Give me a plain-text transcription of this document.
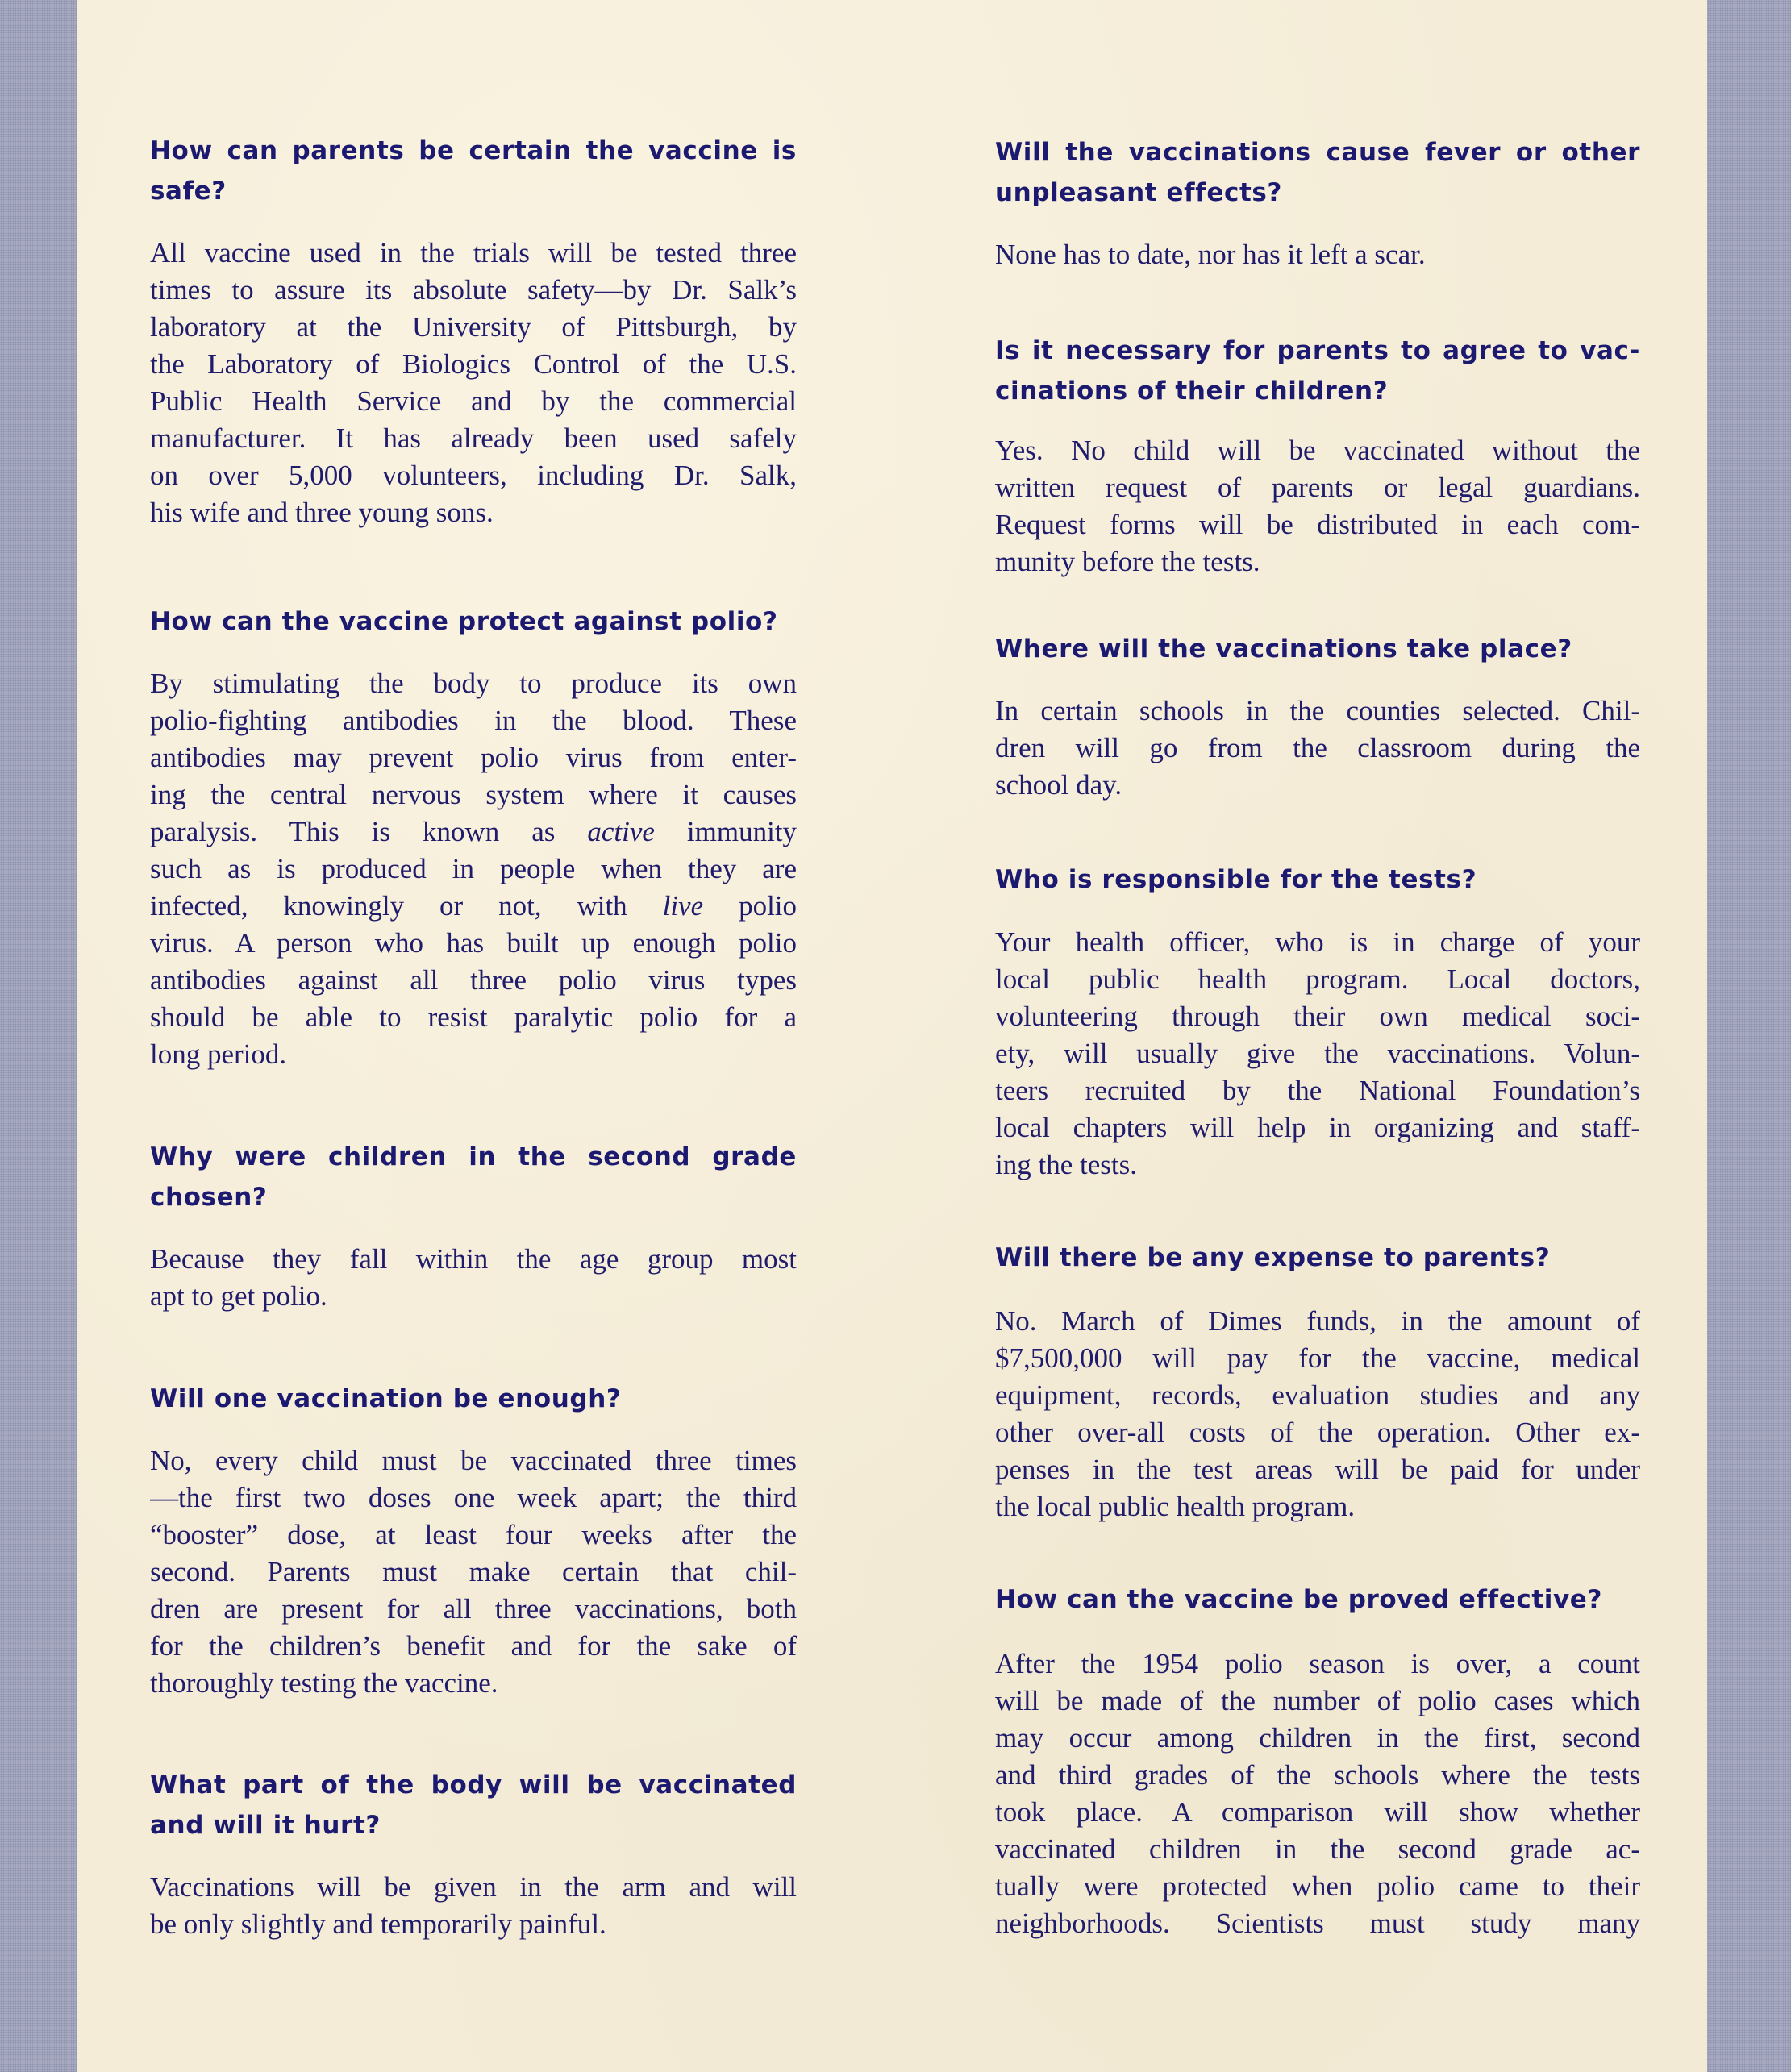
How can parents be certain the vaccine is
safe?
All vaccine used in the trials will be tested three
times to assure its absolute safety—by Dr. Salk’s
laboratory at the University of Pittsburgh, by
the Laboratory of Biologics Control of the U.S.
Public Health Service and by the commercial
manufacturer. It has already been used safely
on over 5,000 volunteers, including Dr. Salk,
his wife and three young sons.
How can the vaccine protect against polio?
By stimulating the body to produce its own
polio-fighting antibodies in the blood. These
antibodies may prevent polio virus from enter-
ing the central nervous system where it causes
paralysis. This is known as active immunity
such as is produced in people when they are
infected, knowingly or not, with live polio
virus. A person who has built up enough polio
antibodies against all three polio virus types
should be able to resist paralytic polio for a
long period.
Why were children in the second grade
chosen?
Because they fall within the age group most
apt to get polio.
Will one vaccination be enough?
No, every child must be vaccinated three times
—the first two doses one week apart; the third
“booster” dose, at least four weeks after the
second. Parents must make certain that chil-
dren are present for all three vaccinations, both
for the children’s benefit and for the sake of
thoroughly testing the vaccine.
What part of the body will be vaccinated
and will it hurt?
Vaccinations will be given in the arm and will
be only slightly and temporarily painful.
Will the vaccinations cause fever or other
unpleasant effects?
None has to date, nor has it left a scar.
Is it necessary for parents to agree to vac-
cinations of their children?
Yes. No child will be vaccinated without the
written request of parents or legal guardians.
Request forms will be distributed in each com-
munity before the tests.
Where will the vaccinations take place?
In certain schools in the counties selected. Chil-
dren will go from the classroom during the
school day.
Who is responsible for the tests?
Your health officer, who is in charge of your
local public health program. Local doctors,
volunteering through their own medical soci-
ety, will usually give the vaccinations. Volun-
teers recruited by the National Foundation’s
local chapters will help in organizing and staff-
ing the tests.
Will there be any expense to parents?
No. March of Dimes funds, in the amount of
$7,500,000 will pay for the vaccine, medical
equipment, records, evaluation studies and any
other over-all costs of the operation. Other ex-
penses in the test areas will be paid for under
the local public health program.
How can the vaccine be proved effective?
After the 1954 polio season is over, a count
will be made of the number of polio cases which
may occur among children in the first, second
and third grades of the schools where the tests
took place. A comparison will show whether
vaccinated children in the second grade ac-
tually were protected when polio came to their
neighborhoods. Scientists must study many
